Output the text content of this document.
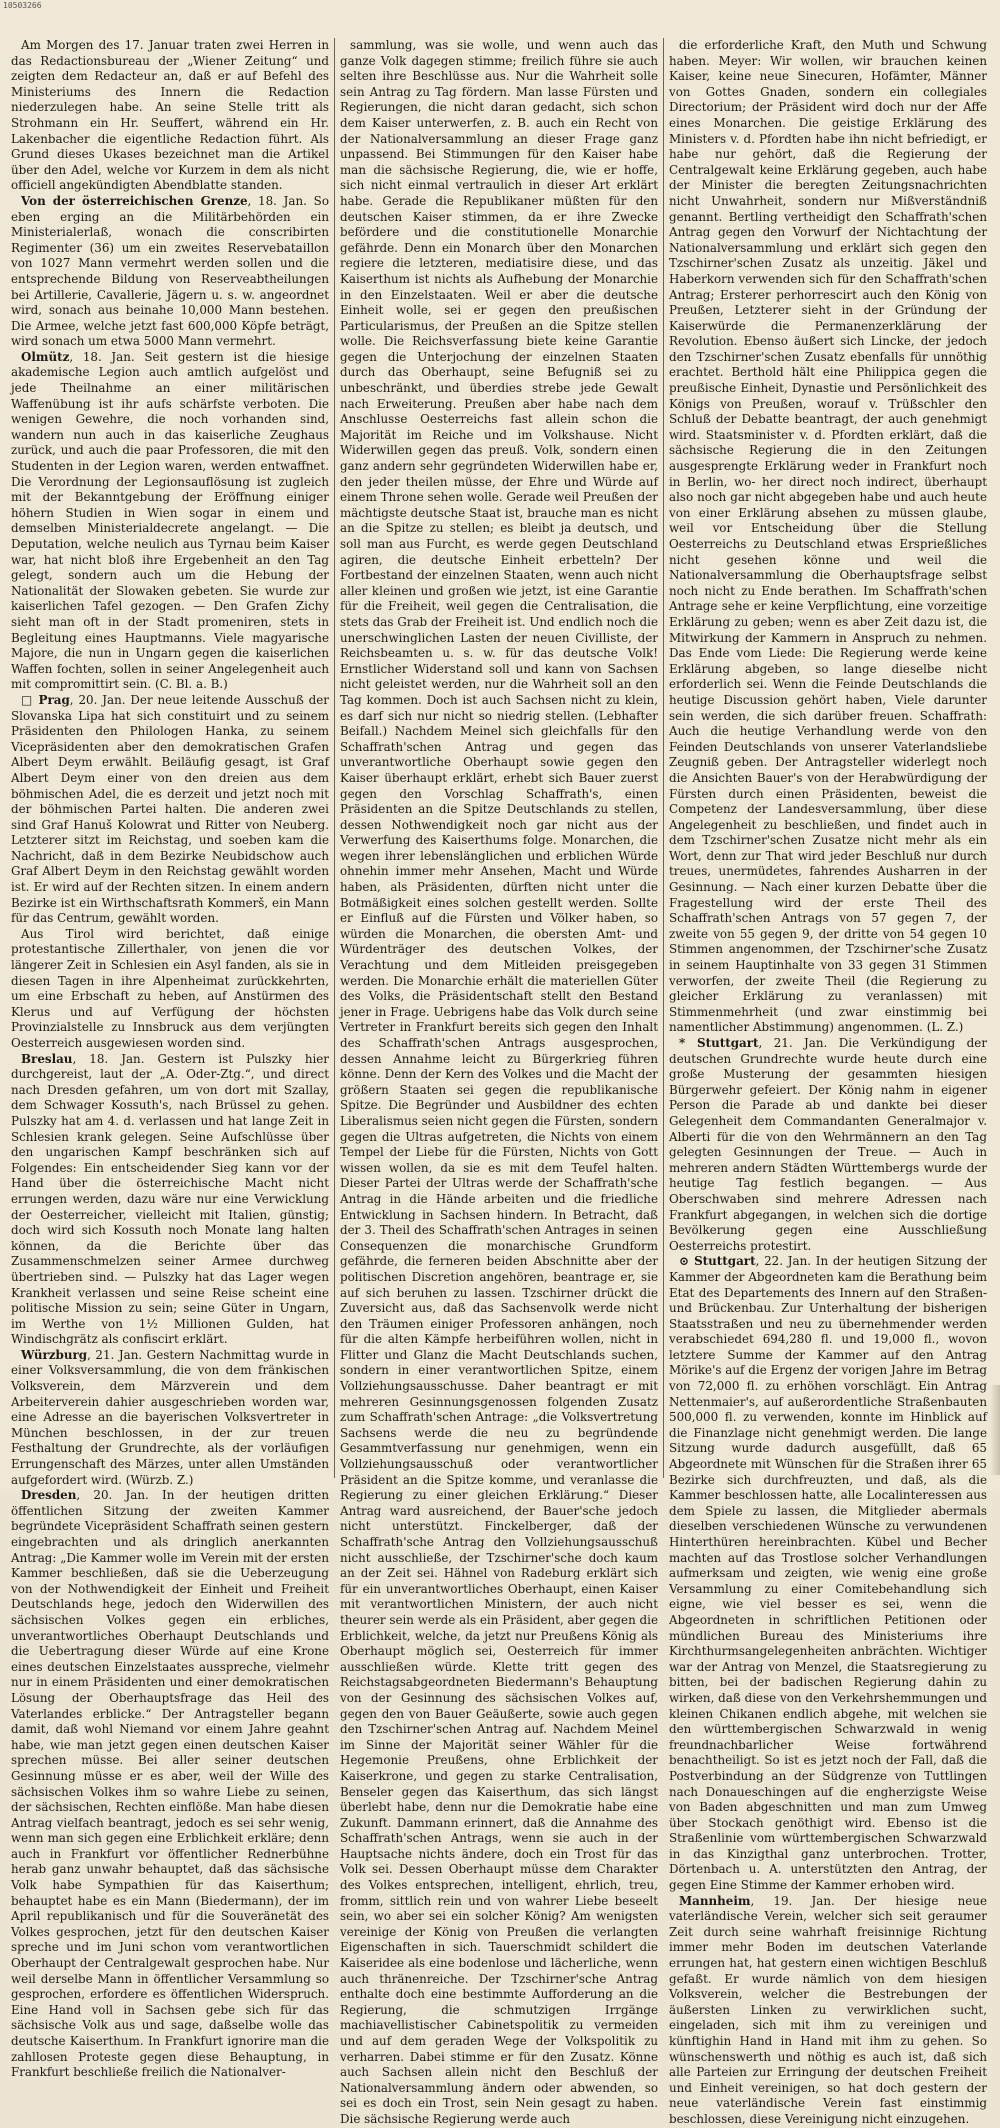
10503266

Am Morgen des 17. Januar traten zwei Herren in das Redactionsbureau der „Wiener Zeitung“ und zeigten dem Redacteur an, daß er auf Befehl des Ministeriums des Innern die Redaction niederzulegen habe. An seine Stelle tritt als Strohmann ein Hr. Seuffert, während ein Hr. Lakenbacher die eigentliche Redaction führt. Als Grund dieses Ukases bezeichnet man die Artikel über den Adel, welche vor Kurzem in dem als nicht officiell angekündigten Abendblatte standen.

Von der österreichischen Grenze, 18. Jan. So eben erging an die Militärbehörden ein Ministerialerlaß, wonach die conscribirten Regimenter (36) um ein zweites Reservebataillon von 1027 Mann vermehrt werden sollen und die entsprechende Bildung von Reserveabtheilungen bei Artillerie, Cavallerie, Jägern u. s. w. angeordnet wird, sonach aus beinahe 10,000 Mann bestehen. Die Armee, welche jetzt fast 600,000 Köpfe beträgt, wird sonach um etwa 5000 Mann vermehrt.

Olmütz, 18. Jan. Seit gestern ist die hiesige akademische Legion auch amtlich aufgelöst und jede Theilnahme an einer militärischen Waffenübung ist ihr aufs schärfste verboten. Die wenigen Gewehre, die noch vorhanden sind, wandern nun auch in das kaiserliche Zeughaus zurück, und auch die paar Professoren, die mit den Studenten in der Legion waren, werden entwaffnet. Die Verordnung der Legionsauflösung ist zugleich mit der Bekanntgebung der Eröffnung einiger höhern Studien in Wien sogar in einem und demselben Ministerialdecrete angelangt. — Die Deputation, welche neulich aus Tyrnau beim Kaiser war, hat nicht bloß ihre Ergebenheit an den Tag gelegt, sondern auch um die Hebung der Nationalität der Slowaken gebeten. Sie wurde zur kaiserlichen Tafel gezogen. — Den Grafen Zichy sieht man oft in der Stadt promeniren, stets in Begleitung eines Hauptmanns. Viele magyarische Majore, die nun in Ungarn gegen die kaiserlichen Waffen fochten, sollen in seiner Angelegenheit auch mit compromittirt sein. (C. Bl. a. B.)

□ Prag, 20. Jan. Der neue leitende Ausschuß der Slovanska Lipa hat sich constituirt und zu seinem Präsidenten den Philologen Hanka, zu seinem Vicepräsidenten aber den demokratischen Grafen Albert Deym erwählt. Beiläufig gesagt, ist Graf Albert Deym einer von den dreien aus dem böhmischen Adel, die es derzeit und jetzt noch mit der böhmischen Partei halten. Die anderen zwei sind Graf Hanuš Kolowrat und Ritter von Neuberg. Letzterer sitzt im Reichstag, und soeben kam die Nachricht, daß in dem Bezirke Neubidschow auch Graf Albert Deym in den Reichstag gewählt worden ist. Er wird auf der Rechten sitzen. In einem andern Bezirke ist ein Wirthschaftsrath Kommerš, ein Mann für das Centrum, gewählt worden.

Aus Tirol wird berichtet, daß einige protestantische Zillerthaler, von jenen die vor längerer Zeit in Schlesien ein Asyl fanden, als sie in diesen Tagen in ihre Alpenheimat zurückkehrten, um eine Erbschaft zu heben, auf Anstürmen des Klerus und auf Verfügung der höchsten Provinzialstelle zu Innsbruck aus dem verjüngten Oesterreich ausgewiesen worden sind.

Breslau, 18. Jan. Gestern ist Pulszky hier durchgereist, laut der „A. Oder-Ztg.“, und direct nach Dresden gefahren, um von dort mit Szallay, dem Schwager Kossuth's, nach Brüssel zu gehen. Pulszky hat am 4. d. verlassen und hat lange Zeit in Schlesien krank gelegen. Seine Aufschlüsse über den ungarischen Kampf beschränken sich auf Folgendes: Ein entscheidender Sieg kann vor der Hand über die österreichische Macht nicht errungen werden, dazu wäre nur eine Verwicklung der Oesterreicher, vielleicht mit Italien, günstig; doch wird sich Kossuth noch Monate lang halten können, da die Berichte über das Zusammenschmelzen seiner Armee durchweg übertrieben sind. — Pulszky hat das Lager wegen Krankheit verlassen und seine Reise scheint eine politische Mission zu sein; seine Güter in Ungarn, im Werthe von 1½ Millionen Gulden, hat Windischgrätz als confiscirt erklärt.

Würzburg, 21. Jan. Gestern Nachmittag wurde in einer Volksversammlung, die von dem fränkischen Volksverein, dem Märzverein und dem Arbeiterverein dahier ausgeschrieben worden war, eine Adresse an die bayerischen Volksvertreter in München beschlossen, in der zur treuen Festhaltung der Grundrechte, als der vorläufigen Errungenschaft des Märzes, unter allen Umständen aufgefordert wird. (Würzb. Z.)

Dresden, 20. Jan. In der heutigen dritten öffentlichen Sitzung der zweiten Kammer begründete Vicepräsident Schaffrath seinen gestern eingebrachten und als dringlich anerkannten Antrag: „Die Kammer wolle im Verein mit der ersten Kammer beschließen, daß sie die Ueberzeugung von der Nothwendigkeit der Einheit und Freiheit Deutschlands hege, jedoch den Widerwillen des sächsischen Volkes gegen ein erbliches, unverantwortliches Oberhaupt Deutschlands und die Uebertragung dieser Würde auf eine Krone eines deutschen Einzelstaates ausspreche, vielmehr nur in einem Präsidenten und einer demokratischen Lösung der Oberhauptsfrage das Heil des Vaterlandes erblicke.“ Der Antragsteller begann damit, daß wohl Niemand vor einem Jahre geahnt habe, wie man jetzt gegen einen deutschen Kaiser sprechen müsse. Bei aller seiner deutschen Gesinnung müsse er es aber, weil der Wille des sächsischen Volkes ihm so wahre Liebe zu seinen, der sächsischen, Rechten einflöße. Man habe diesen Antrag vielfach beantragt, jedoch es sei sehr wenig, wenn man sich gegen eine Erblichkeit erkläre; denn auch in Frankfurt vor öffentlicher Rednerbühne herab ganz unwahr behauptet, daß das sächsische Volk habe Sympathien für das Kaiserthum; behauptet habe es ein Mann (Biedermann), der im April republikanisch und für die Souveränetät des Volkes gesprochen, jetzt für den deutschen Kaiser spreche und im Juni schon vom verantwortlichen Oberhaupt der Centralgewalt gesprochen habe. Nur weil derselbe Mann in öffentlicher Versammlung so gesprochen, erfordere es öffentlichen Widerspruch. Eine Hand voll in Sachsen gebe sich für das sächsische Volk aus und sage, daßselbe wolle das deutsche Kaiserthum. In Frankfurt ignorire man die zahllosen Proteste gegen diese Behauptung, in Frankfurt beschließe freilich die Nationalver-

sammlung, was sie wolle, und wenn auch das ganze Volk dagegen stimme; freilich führe sie auch selten ihre Beschlüsse aus. Nur die Wahrheit solle sein Antrag zu Tag fördern. Man lasse Fürsten und Regierungen, die nicht daran gedacht, sich schon dem Kaiser unterwerfen, z. B. auch ein Recht von der Nationalversammlung an dieser Frage ganz unpassend. Bei Stimmungen für den Kaiser habe man die sächsische Regierung, die, wie er hoffe, sich nicht einmal vertraulich in dieser Art erklärt habe. Gerade die Republikaner müßten für den deutschen Kaiser stimmen, da er ihre Zwecke befördere und die constitutionelle Monarchie gefährde. Denn ein Monarch über den Monarchen regiere die letzteren, mediatisire diese, und das Kaiserthum ist nichts als Aufhebung der Monarchie in den Einzelstaaten. Weil er aber die deutsche Einheit wolle, sei er gegen den preußischen Particularismus, der Preußen an die Spitze stellen wolle. Die Reichsverfassung biete keine Garantie gegen die Unterjochung der einzelnen Staaten durch das Oberhaupt, seine Befugniß sei zu unbeschränkt, und überdies strebe jede Gewalt nach Erweiterung. Preußen aber habe nach dem Anschlusse Oesterreichs fast allein schon die Majorität im Reiche und im Volkshause. Nicht Widerwillen gegen das preuß. Volk, sondern einen ganz andern sehr gegründeten Widerwillen habe er, den jeder theilen müsse, der Ehre und Würde auf einem Throne sehen wolle. Gerade weil Preußen der mächtigste deutsche Staat ist, brauche man es nicht an die Spitze zu stellen; es bleibt ja deutsch, und soll man aus Furcht, es werde gegen Deutschland agiren, die deutsche Einheit erbetteln? Der Fortbestand der einzelnen Staaten, wenn auch nicht aller kleinen und großen wie jetzt, ist eine Garantie für die Freiheit, weil gegen die Centralisation, die stets das Grab der Freiheit ist. Und endlich noch die unerschwinglichen Lasten der neuen Civilliste, der Reichsbeamten u. s. w. für das deutsche Volk! Ernstlicher Widerstand soll und kann von Sachsen nicht geleistet werden, nur die Wahrheit soll an den Tag kommen. Doch ist auch Sachsen nicht zu klein, es darf sich nur nicht so niedrig stellen. (Lebhafter Beifall.) Nachdem Meinel sich gleichfalls für den Schaffrath'schen Antrag und gegen das unverantwortliche Oberhaupt sowie gegen den Kaiser überhaupt erklärt, erhebt sich Bauer zuerst gegen den Vorschlag Schaffrath's, einen Präsidenten an die Spitze Deutschlands zu stellen, dessen Nothwendigkeit noch gar nicht aus der Verwerfung des Kaiserthums folge. Monarchen, die wegen ihrer lebenslänglichen und erblichen Würde ohnehin immer mehr Ansehen, Macht und Würde haben, als Präsidenten, dürften nicht unter die Botmäßigkeit eines solchen gestellt werden. Sollte er Einfluß auf die Fürsten und Völker haben, so würden die Monarchen, die obersten Amt- und Würdenträger des deutschen Volkes, der Verachtung und dem Mitleiden preisgegeben werden. Die Monarchie erhält die materiellen Güter des Volks, die Präsidentschaft stellt den Bestand jener in Frage. Uebrigens habe das Volk durch seine Vertreter in Frankfurt bereits sich gegen den Inhalt des Schaffrath'schen Antrags ausgesprochen, dessen Annahme leicht zu Bürgerkrieg führen könne. Denn der Kern des Volkes und die Macht der größern Staaten sei gegen die republikanische Spitze. Die Begründer und Ausbildner des echten Liberalismus seien nicht gegen die Fürsten, sondern gegen die Ultras aufgetreten, die Nichts von einem Tempel der Liebe für die Fürsten, Nichts von Gott wissen wollen, da sie es mit dem Teufel halten. Dieser Partei der Ultras werde der Schaffrath'sche Antrag in die Hände arbeiten und die friedliche Entwicklung in Sachsen hindern. In Betracht, daß der 3. Theil des Schaffrath'schen Antrages in seinen Consequenzen die monarchische Grundform gefährde, die ferneren beiden Abschnitte aber der politischen Discretion angehören, beantrage er, sie auf sich beruhen zu lassen. Tzschirner drückt die Zuversicht aus, daß das Sachsenvolk werde nicht den Träumen einiger Professoren anhängen, noch für die alten Kämpfe herbeiführen wollen, nicht in Flitter und Glanz die Macht Deutschlands suchen, sondern in einer verantwortlichen Spitze, einem Vollziehungsausschusse. Daher beantragt er mit mehreren Gesinnungsgenossen folgenden Zusatz zum Schaffrath'schen Antrage: „die Volksvertretung Sachsens werde die neu zu begründende Gesammtverfassung nur genehmigen, wenn ein Vollziehungsausschuß oder verantwortlicher Präsident an die Spitze komme, und veranlasse die Regierung zu einer gleichen Erklärung.“ Dieser Antrag ward ausreichend, der Bauer'sche jedoch nicht unterstützt. Finckelberger, daß der Schaffrath'sche Antrag den Vollziehungsausschuß nicht ausschließe, der Tzschirner'sche doch kaum an der Zeit sei. Hähnel von Radeburg erklärt sich für ein unverantwortliches Oberhaupt, einen Kaiser mit verantwortlichen Ministern, der auch nicht theurer sein werde als ein Präsident, aber gegen die Erblichkeit, welche, da jetzt nur Preußens König als Oberhaupt möglich sei, Oesterreich für immer ausschließen würde. Klette tritt gegen des Reichstagsabgeordneten Biedermann's Behauptung von der Gesinnung des sächsischen Volkes auf, gegen den von Bauer Geäußerte, sowie auch gegen den Tzschirner'schen Antrag auf. Nachdem Meinel im Sinne der Majorität seiner Wähler für die Hegemonie Preußens, ohne Erblichkeit der Kaiserkrone, und gegen zu starke Centralisation, Benseler gegen das Kaiserthum, das sich längst überlebt habe, denn nur die Demokratie habe eine Zukunft. Dammann erinnert, daß die Annahme des Schaffrath'schen Antrags, wenn sie auch in der Hauptsache nichts ändere, doch ein Trost für das Volk sei. Dessen Oberhaupt müsse dem Charakter des Volkes entsprechen, intelligent, ehrlich, treu, fromm, sittlich rein und von wahrer Liebe beseelt sein, wo aber sei ein solcher König? Am wenigsten vereinige der König von Preußen die verlangten Eigenschaften in sich. Tauerschmidt schildert die Kaiseridee als eine bodenlose und lächerliche, wenn auch thränenreiche. Der Tzschirner'sche Antrag enthalte doch eine bestimmte Aufforderung an die Regierung, die schmutzigen Irrgänge machiavellistischer Cabinetspolitik zu vermeiden und auf dem geraden Wege der Volkspolitik zu verharren. Dabei stimme er für den Zusatz. Könne auch Sachsen allein nicht den Beschluß der Nationalversammlung ändern oder abwenden, so sei es doch ein Trost, sein Nein gesagt zu haben. Die sächsische Regierung werde auch

die erforderliche Kraft, den Muth und Schwung haben. Meyer: Wir wollen, wir brauchen keinen Kaiser, keine neue Sinecuren, Hofämter, Männer von Gottes Gnaden, sondern ein collegiales Directorium; der Präsident wird doch nur der Affe eines Monarchen. Die geistige Erklärung des Ministers v. d. Pfordten habe ihn nicht befriedigt, er habe nur gehört, daß die Regierung der Centralgewalt keine Erklärung gegeben, auch habe der Minister die beregten Zeitungsnachrichten nicht Unwahrheit, sondern nur Mißverständniß genannt. Bertling vertheidigt den Schaffrath'schen Antrag gegen den Vorwurf der Nichtachtung der Nationalversammlung und erklärt sich gegen den Tzschirner'schen Zusatz als unzeitig. Jäkel und Haberkorn verwenden sich für den Schaffrath'schen Antrag; Ersterer perhorrescirt auch den König von Preußen, Letzterer sieht in der Gründung der Kaiserwürde die Permanenzerklärung der Revolution. Ebenso äußert sich Lincke, der jedoch den Tzschirner'schen Zusatz ebenfalls für unnöthig erachtet. Berthold hält eine Philippica gegen die preußische Einheit, Dynastie und Persönlichkeit des Königs von Preußen, worauf v. Trüßschler den Schluß der Debatte beantragt, der auch genehmigt wird. Staatsminister v. d. Pfordten erklärt, daß die sächsische Regierung die in den Zeitungen ausgesprengte Erklärung weder in Frankfurt noch in Berlin, wo- her direct noch indirect, überhaupt also noch gar nicht abgegeben habe und auch heute von einer Erklärung absehen zu müssen glaube, weil vor Entscheidung über die Stellung Oesterreichs zu Deutschland etwas Ersprießliches nicht gesehen könne und weil die Nationalversammlung die Oberhauptsfrage selbst noch nicht zu Ende berathen. Im Schaffrath'schen Antrage sehe er keine Verpflichtung, eine vorzeitige Erklärung zu geben; wenn es aber Zeit dazu ist, die Mitwirkung der Kammern in Anspruch zu nehmen. Das Ende vom Liede: Die Regierung werde keine Erklärung abgeben, so lange dieselbe nicht erforderlich sei. Wenn die Feinde Deutschlands die heutige Discussion gehört haben, Viele darunter sein werden, die sich darüber freuen. Schaffrath: Auch die heutige Verhandlung werde von den Feinden Deutschlands von unserer Vaterlandsliebe Zeugniß geben. Der Antragsteller widerlegt noch die Ansichten Bauer's von der Herabwürdigung der Fürsten durch einen Präsidenten, beweist die Competenz der Landesversammlung, über diese Angelegenheit zu beschließen, und findet auch in dem Tzschirner'schen Zusatze nicht mehr als ein Wort, denn zur That wird jeder Beschluß nur durch treues, unermüdetes, fahrendes Ausharren in der Gesinnung. — Nach einer kurzen Debatte über die Fragestellung wird der erste Theil des Schaffrath'schen Antrags von 57 gegen 7, der zweite von 55 gegen 9, der dritte von 54 gegen 10 Stimmen angenommen, der Tzschirner'sche Zusatz in seinem Hauptinhalte von 33 gegen 31 Stimmen verworfen, der zweite Theil (die Regierung zu gleicher Erklärung zu veranlassen) mit Stimmenmehrheit (und zwar einstimmig bei namentlicher Abstimmung) angenommen. (L. Z.)

* Stuttgart, 21. Jan. Die Verkündigung der deutschen Grundrechte wurde heute durch eine große Musterung der gesammten hiesigen Bürgerwehr gefeiert. Der König nahm in eigener Person die Parade ab und dankte bei dieser Gelegenheit dem Commandanten Generalmajor v. Alberti für die von den Wehrmännern an den Tag gelegten Gesinnungen der Treue. — Auch in mehreren andern Städten Württembergs wurde der heutige Tag festlich begangen. — Aus Oberschwaben sind mehrere Adressen nach Frankfurt abgegangen, in welchen sich die dortige Bevölkerung gegen eine Ausschließung Oesterreichs protestirt.

⊙ Stuttgart, 22. Jan. In der heutigen Sitzung der Kammer der Abgeordneten kam die Berathung beim Etat des Departements des Innern auf den Straßen- und Brückenbau. Zur Unterhaltung der bisherigen Staatsstraßen und neu zu übernehmender werden verabschiedet 694,280 fl. und 19,000 fl., wovon letztere Summe der Kammer auf den Antrag Mörike's auf die Ergenz der vorigen Jahre im Betrag von 72,000 fl. zu erhöhen vorschlägt. Ein Antrag Nettenmaier's, auf außerordentliche Straßenbauten 500,000 fl. zu verwenden, konnte im Hinblick auf die Finanzlage nicht genehmigt werden. Die lange Sitzung wurde dadurch ausgefüllt, daß 65 Abgeordnete mit Wünschen für die Straßen ihrer 65 Bezirke sich durchfreuzten, und daß, als die Kammer beschlossen hatte, alle Localinteressen aus dem Spiele zu lassen, die Mitglieder abermals dieselben verschiedenen Wünsche zu verwundenen Hinterthüren hereinbrachten. Kübel und Becher machten auf das Trostlose solcher Verhandlungen aufmerksam und zeigten, wie wenig eine große Versammlung zu einer Comitebehandlung sich eigne, wie viel besser es sei, wenn die Abgeordneten in schriftlichen Petitionen oder mündlichen Bureau des Ministeriums ihre Kirchthurmsangelegenheiten anbrächten. Wichtiger war der Antrag von Menzel, die Staatsregierung zu bitten, bei der badischen Regierung dahin zu wirken, daß diese von den Verkehrshemmungen und kleinen Chikanen endlich abgehe, mit welchen sie den württembergischen Schwarzwald in wenig freundnachbarlicher Weise fortwährend benachtheiligt. So ist es jetzt noch der Fall, daß die Postverbindung an der Südgrenze von Tuttlingen nach Donaueschingen auf die engherzigste Weise von Baden abgeschnitten und man zum Umweg über Stockach genöthigt wird. Ebenso ist die Straßenlinie vom württembergischen Schwarzwald in das Kinzigthal ganz unterbrochen. Trotter, Dörtenbach u. A. unterstützten den Antrag, der gegen Eine Stimme der Kammer erhoben wird.

Mannheim, 19. Jan. Der hiesige neue vaterländische Verein, welcher sich seit geraumer Zeit durch seine wahrhaft freisinnige Richtung immer mehr Boden im deutschen Vaterlande errungen hat, hat gestern einen wichtigen Beschluß gefaßt. Er wurde nämlich von dem hiesigen Volksverein, welcher die Bestrebungen der äußersten Linken zu verwirklichen sucht, eingeladen, sich mit ihm zu vereinigen und künftighin Hand in Hand mit ihm zu gehen. So wünschenswerth und nöthig es auch ist, daß sich alle Parteien zur Erringung der deutschen Freiheit und Einheit vereinigen, so hat doch gestern der neue vaterländische Verein fast einstimmig beschlossen, diese Vereinigung nicht einzugehen.
